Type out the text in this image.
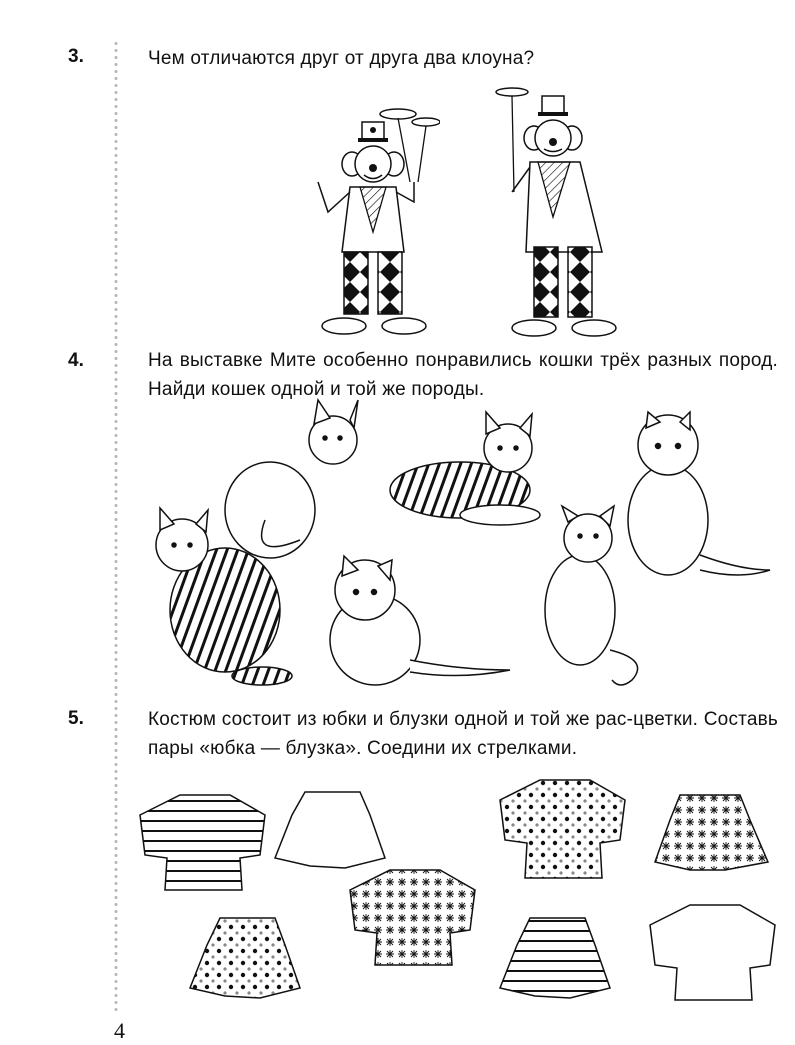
3.	Чем отличаются друг от друга два клоуна?
4.	На выставке Мите особенно понравились кошки трёх разных пород. Найди кошек одной и той же породы.
5.	Костюм состоит из юбки и блузки одной и той же рас-цветки. Составь пары «юбка — блузка». Соедини их стрелками.
4
